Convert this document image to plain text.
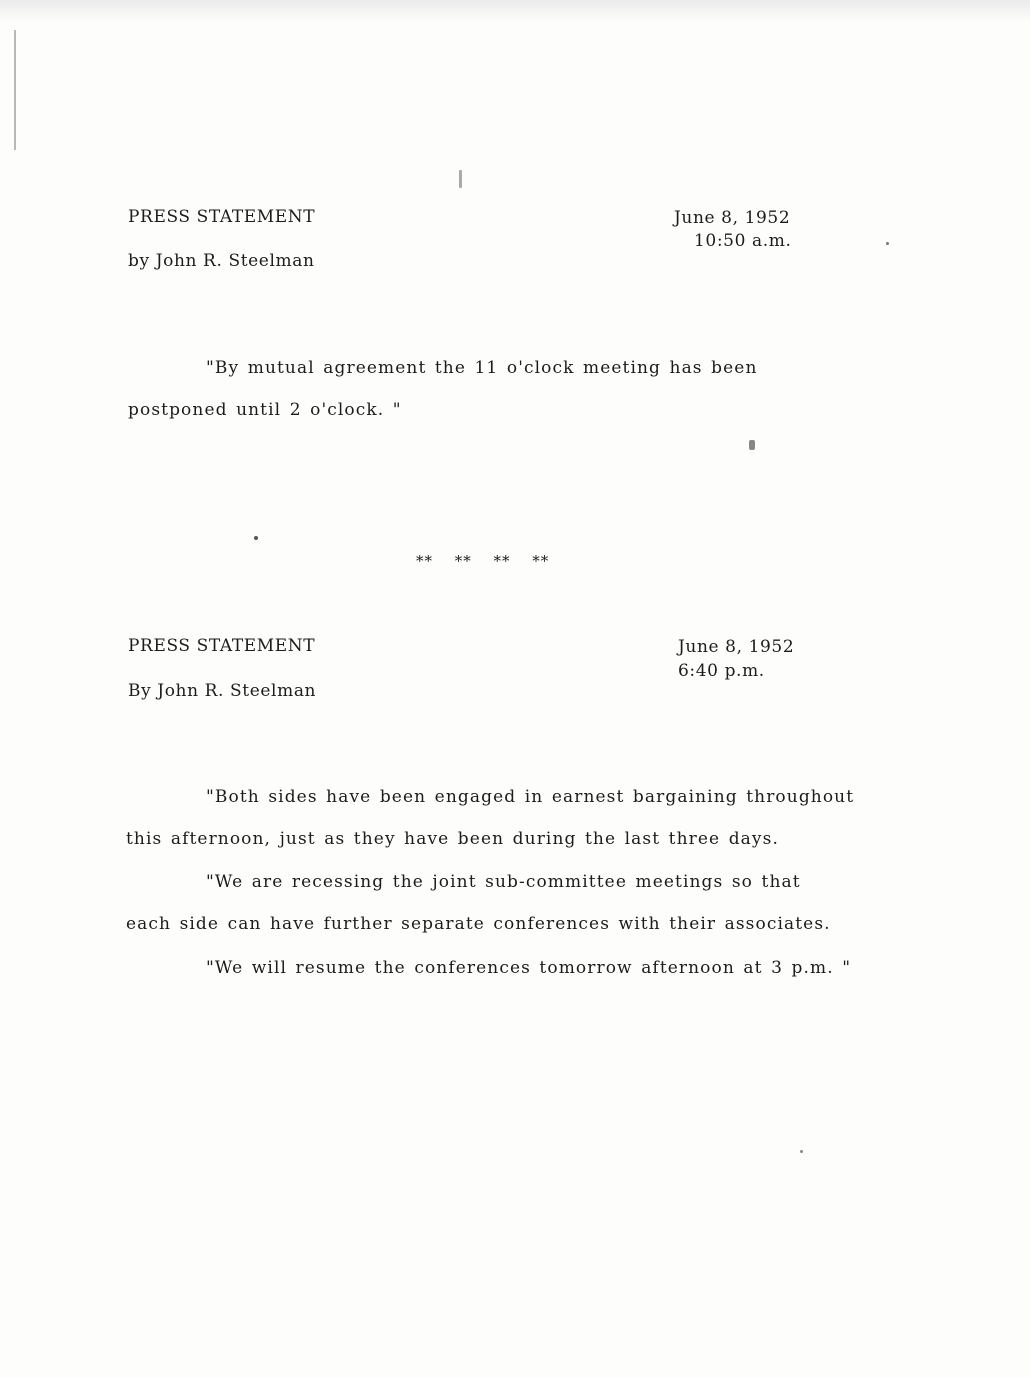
PRESS STATEMENT
by John R. Steelman
June 8, 1952
10:50 a.m.
"By mutual agreement the 11 o'clock meeting has been
postponed until 2 o'clock. "
** ** ** **
PRESS STATEMENT
By John R. Steelman
June 8, 1952
6:40 p.m.
"Both sides have been engaged in earnest bargaining throughout
this afternoon, just as they have been during the last three days.
"We are recessing the joint sub-committee meetings so that
each side can have further separate conferences with their associates.
"We will resume the conferences tomorrow afternoon at 3 p.m. "
